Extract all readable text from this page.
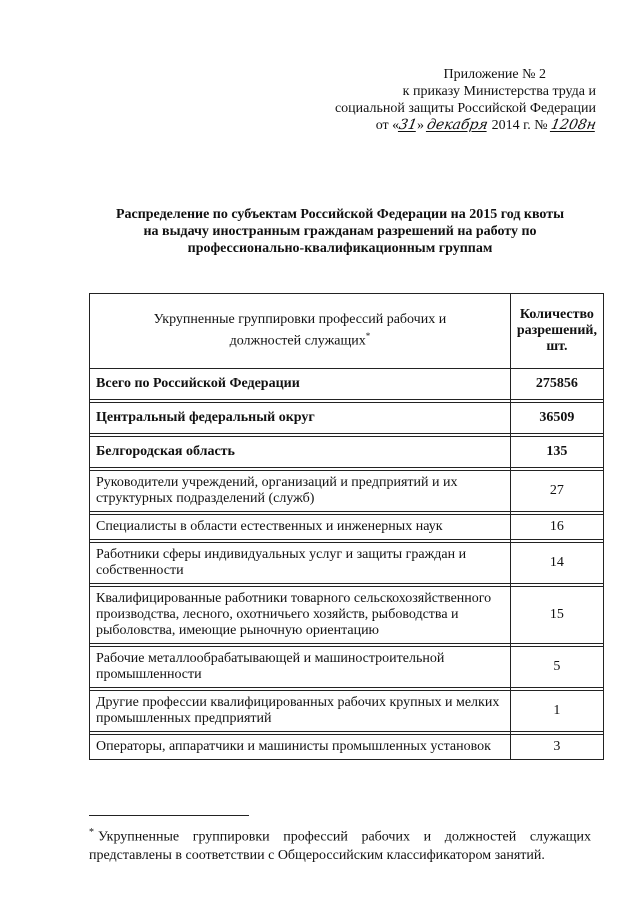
Приложение № 2
к приказу Министерства труда и
социальной защиты Российской Федерации
от «31» декабря 2014 г. № 1208н
Распределение по субъектам Российской Федерации на 2015 год квоты
на выдачу иностранным гражданам разрешений на работу по
профессионально-квалификационным группам
Укрупненные группировки профессий рабочих и
должностей служащих*	Количество
разрешений,
шт.
Всего по Российской Федерации	275856

Центральный федеральный округ	36509

Белгородская область	135

Руководители учреждений, организаций и предприятий и их структурных подразделений (служб)	27

Специалисты в области естественных и инженерных наук	16

Работники сферы индивидуальных услуг и защиты граждан и собственности	14

Квалифицированные работники товарного сельскохозяйственного производства, лесного, охотничьего хозяйств, рыбоводства и рыболовства, имеющие рыночную ориентацию	15

Рабочие металлообрабатывающей и машиностроительной промышленности	5

Другие профессии квалифицированных рабочих крупных и мелких промышленных предприятий	1

Операторы, аппаратчики и машинисты промышленных установок	3
* Укрупненные группировки профессий рабочих и должностей служащих представлены в соответствии с Общероссийским классификатором занятий.
